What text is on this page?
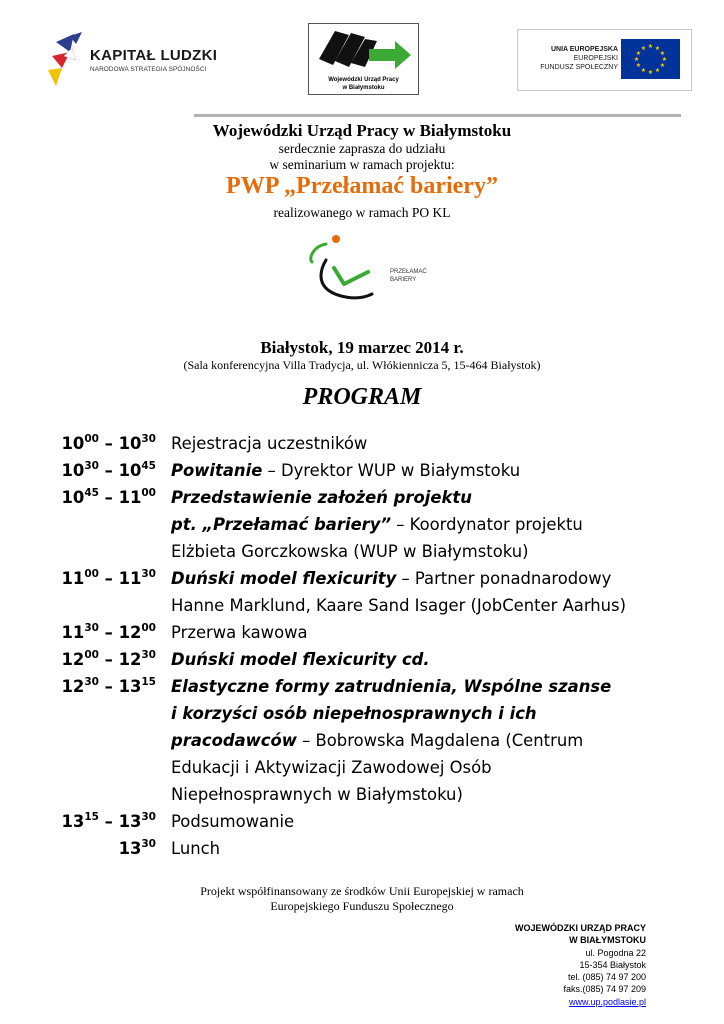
KAPITAŁ LUDZKI
NARODOWA STRATEGIA SPÓJNOŚCI
Wojewódzki Urząd Pracy
w Białymstoku
UNIA EUROPEJSKA
EUROPEJSKI
FUNDUSZ SPOŁECZNY
★ ★
★
★
★
★
★
★
★
★
★
★
Wojewódzki Urząd Pracy w Białymstoku
serdecznie zaprasza do udziału
w seminarium w ramach projektu:
PWP „Przełamać bariery”
realizowanego w ramach PO KL
PRZEŁAMAĆ
BARIERY
Białystok, 19 marzec 2014 r.
(Sala konferencyjna Villa Tradycja, ul. Włókiennicza 5, 15-464 Białystok)
PROGRAM
$10^{00} - 10^{30}$ Rejestracja uczestników
$10^{30} - 10^{45}$ Powitanie – Dyrektor WUP w Białymstoku
$10^{45} - 11^{00}$ Przedstawienie założeń projektu
pt. „Przełamać bariery” – Koordynator projektu
Elżbieta Gorczkowska (WUP w Białymstoku)
$11^{00} - 11^{30}$ Duński model flexicurity – Partner ponadnarodowy
Hanne Marklund, Kaare Sand Isager (JobCenter Aarhus)
$11^{30} - 12^{00}$ Przerwa kawowa
$12^{00} - 12^{30}$ Duński model flexicurity cd.
$12^{30} - 13^{15}$ Elastyczne formy zatrudnienia, Wspólne szanse
i korzyści osób niepełnosprawnych i ich
pracodawców – Bobrowska Magdalena (Centrum
Edukacji i Aktywizacji Zawodowej Osób
Niepełnosprawnych w Białymstoku)
$13^{15} - 13^{30}$ Podsumowanie
$13^{30}$ Lunch
Projekt współfinansowany ze środków Unii Europejskiej w ramach
Europejskiego Funduszu Społecznego
WOJEWÓDZKI URZĄD PRACY
W BIAŁYMSTOKU
ul. Pogodna 22
15-354 Białystok
tel. (085) 74 97 200
faks.(085) 74 97 209
www.up.podlasie.pl
